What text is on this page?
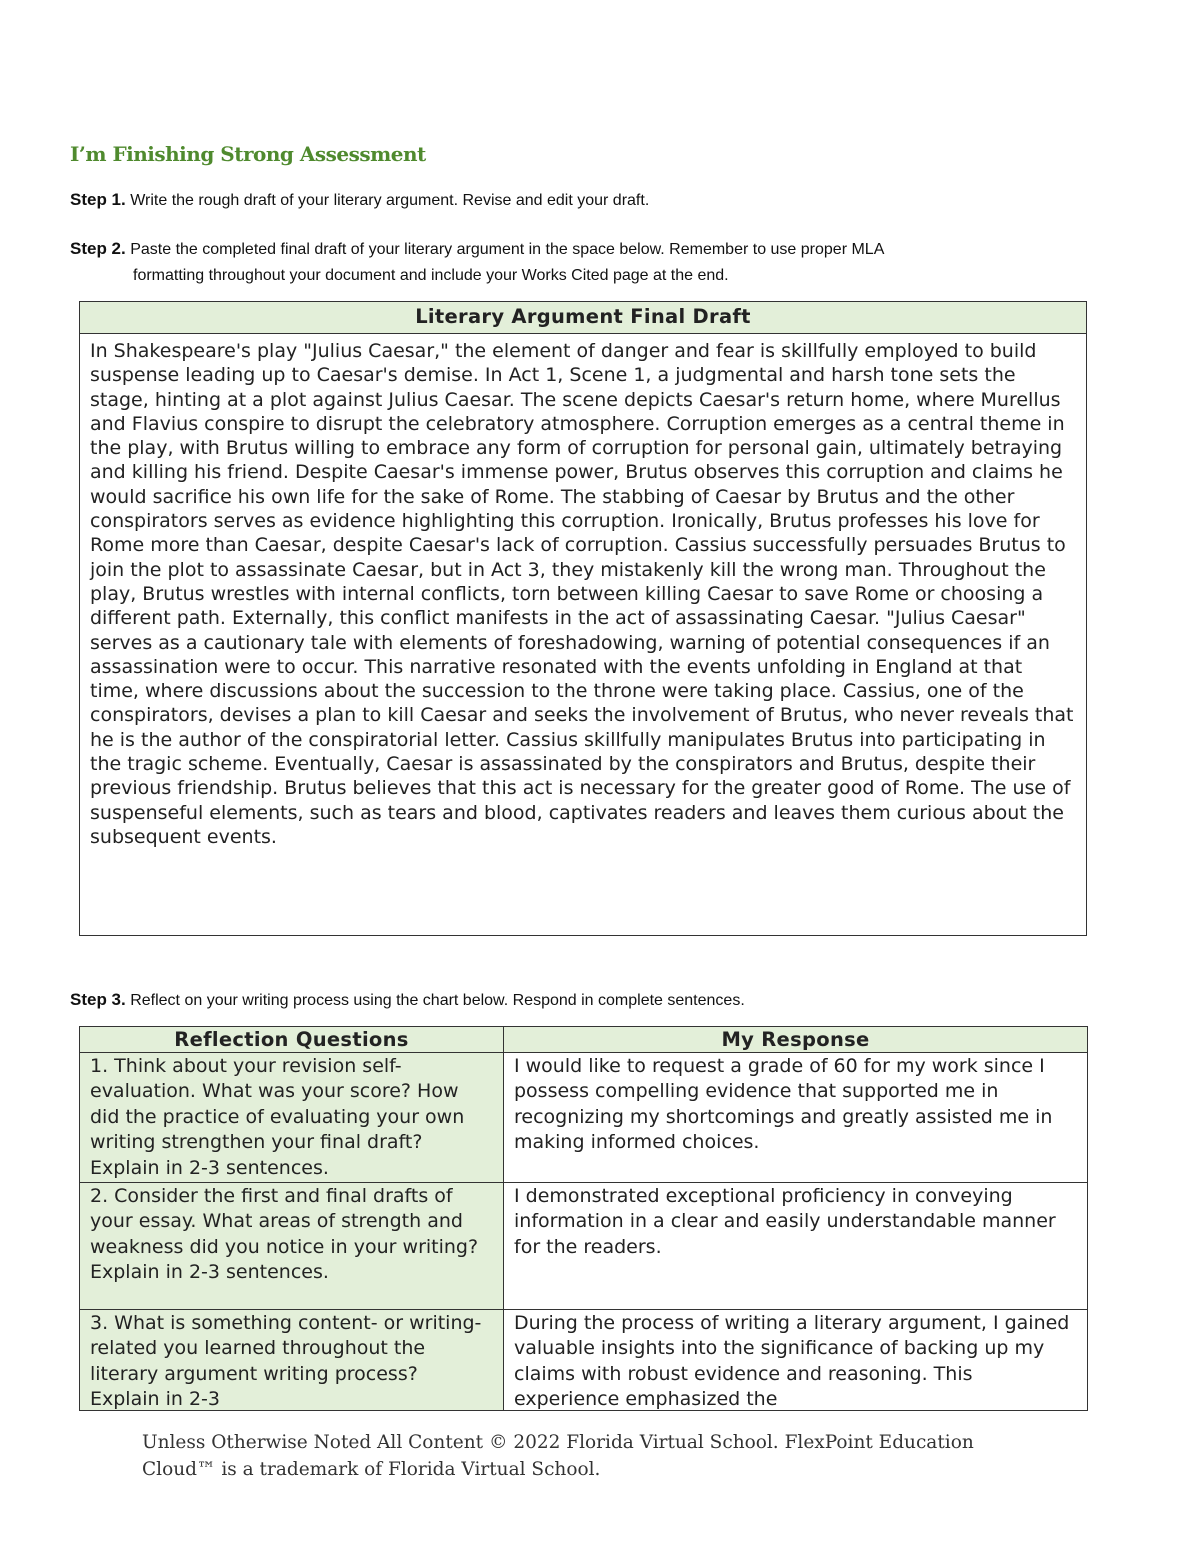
I’m Finishing Strong Assessment
Step 1. Write the rough draft of your literary argument. Revise and edit your draft.
Step 2. Paste the completed final draft of your literary argument in the space below. Remember to use proper MLA
formatting throughout your document and include your Works Cited page at the end.
Literary Argument Final Draft
In Shakespeare's play "Julius Caesar," the element of danger and fear is skillfully employed to build suspense leading up to Caesar's demise. In Act 1, Scene 1, a judgmental and harsh tone sets the stage, hinting at a plot against Julius Caesar. The scene depicts Caesar's return home, where Murellus and Flavius conspire to disrupt the celebratory atmosphere. Corruption emerges as a central theme in the play, with Brutus willing to embrace any form of corruption for personal gain, ultimately betraying and killing his friend. Despite Caesar's immense power, Brutus observes this corruption and claims he would sacrifice his own life for the sake of Rome. The stabbing of Caesar by Brutus and the other conspirators serves as evidence highlighting this corruption. Ironically, Brutus professes his love for Rome more than Caesar, despite Caesar's lack of corruption. Cassius successfully persuades Brutus to join the plot to assassinate Caesar, but in Act 3, they mistakenly kill the wrong man. Throughout the play, Brutus wrestles with internal conflicts, torn between killing Caesar to save Rome or choosing a different path. Externally, this conflict manifests in the act of assassinating Caesar. "Julius Caesar" serves as a cautionary tale with elements of foreshadowing, warning of potential consequences if an assassination were to occur. This narrative resonated with the events unfolding in England at that time, where discussions about the succession to the throne were taking place. Cassius, one of the conspirators, devises a plan to kill Caesar and seeks the involvement of Brutus, who never reveals that he is the author of the conspiratorial letter. Cassius skillfully manipulates Brutus into participating in the tragic scheme. Eventually, Caesar is assassinated by the conspirators and Brutus, despite their previous friendship. Brutus believes that this act is necessary for the greater good of Rome. The use of suspenseful elements, such as tears and blood, captivates readers and leaves them curious about the subsequent events.
Step 3. Reflect on your writing process using the chart below. Respond in complete sentences.
Reflection Questions	My Response
1. Think about your revision self-evaluation. What was your score? How did the practice of evaluating your own writing strengthen your final draft? Explain in 2-3 sentences.	I would like to request a grade of 60 for my work since I possess compelling evidence that supported me in recognizing my shortcomings and greatly assisted me in making informed choices.
2. Consider the first and final drafts of your essay. What areas of strength and weakness did you notice in your writing? Explain in 2-3 sentences.	I demonstrated exceptional proficiency in conveying information in a clear and easily understandable manner for the readers.

3. What is something content- or writing-related you learned throughout the literary argument writing process? Explain in 2-3	During the process of writing a literary argument, I gained valuable insights into the significance of backing up my claims with robust evidence and reasoning. This experience emphasized the
Unless Otherwise Noted All Content © 2022 Florida Virtual School. FlexPoint Education
Cloud™ is a trademark of Florida Virtual School.
